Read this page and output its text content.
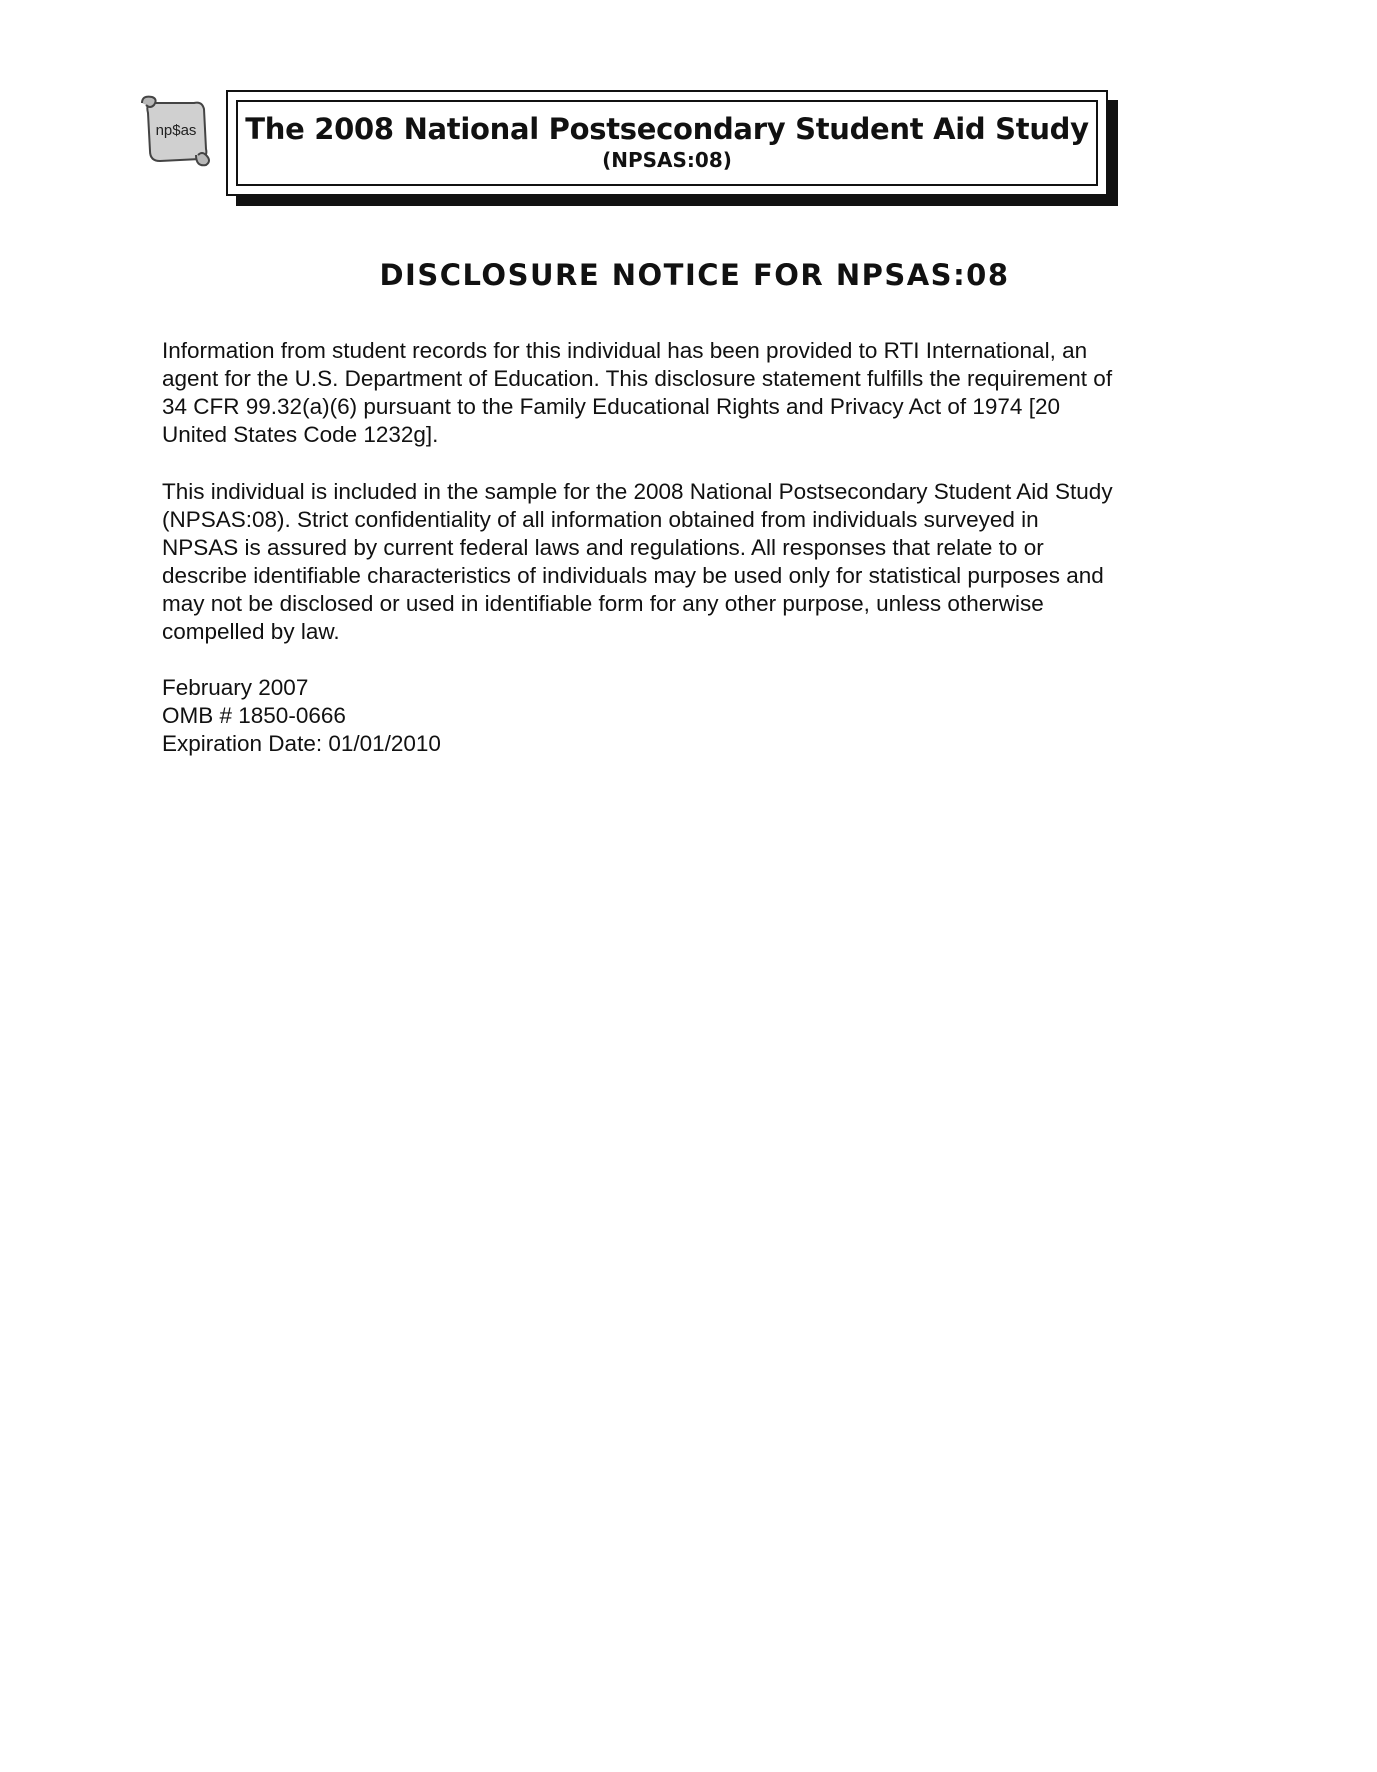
np$as The 2008 National Postsecondary Student Aid Study
(NPSAS:08)
DISCLOSURE NOTICE FOR NPSAS:08

Information from student records for this individual has been provided to RTI International, an
agent for the U.S. Department of Education. This disclosure statement fulfills the requirement of
34 CFR 99.32(a)(6) pursuant to the Family Educational Rights and Privacy Act of 1974 [20
United States Code 1232g].

This individual is included in the sample for the 2008 National Postsecondary Student Aid Study
(NPSAS:08). Strict confidentiality of all information obtained from individuals surveyed in
NPSAS is assured by current federal laws and regulations. All responses that relate to or
describe identifiable characteristics of individuals may be used only for statistical purposes and
may not be disclosed or used in identifiable form for any other purpose, unless otherwise
compelled by law.

February 2007
OMB # 1850-0666
Expiration Date: 01/01/2010
